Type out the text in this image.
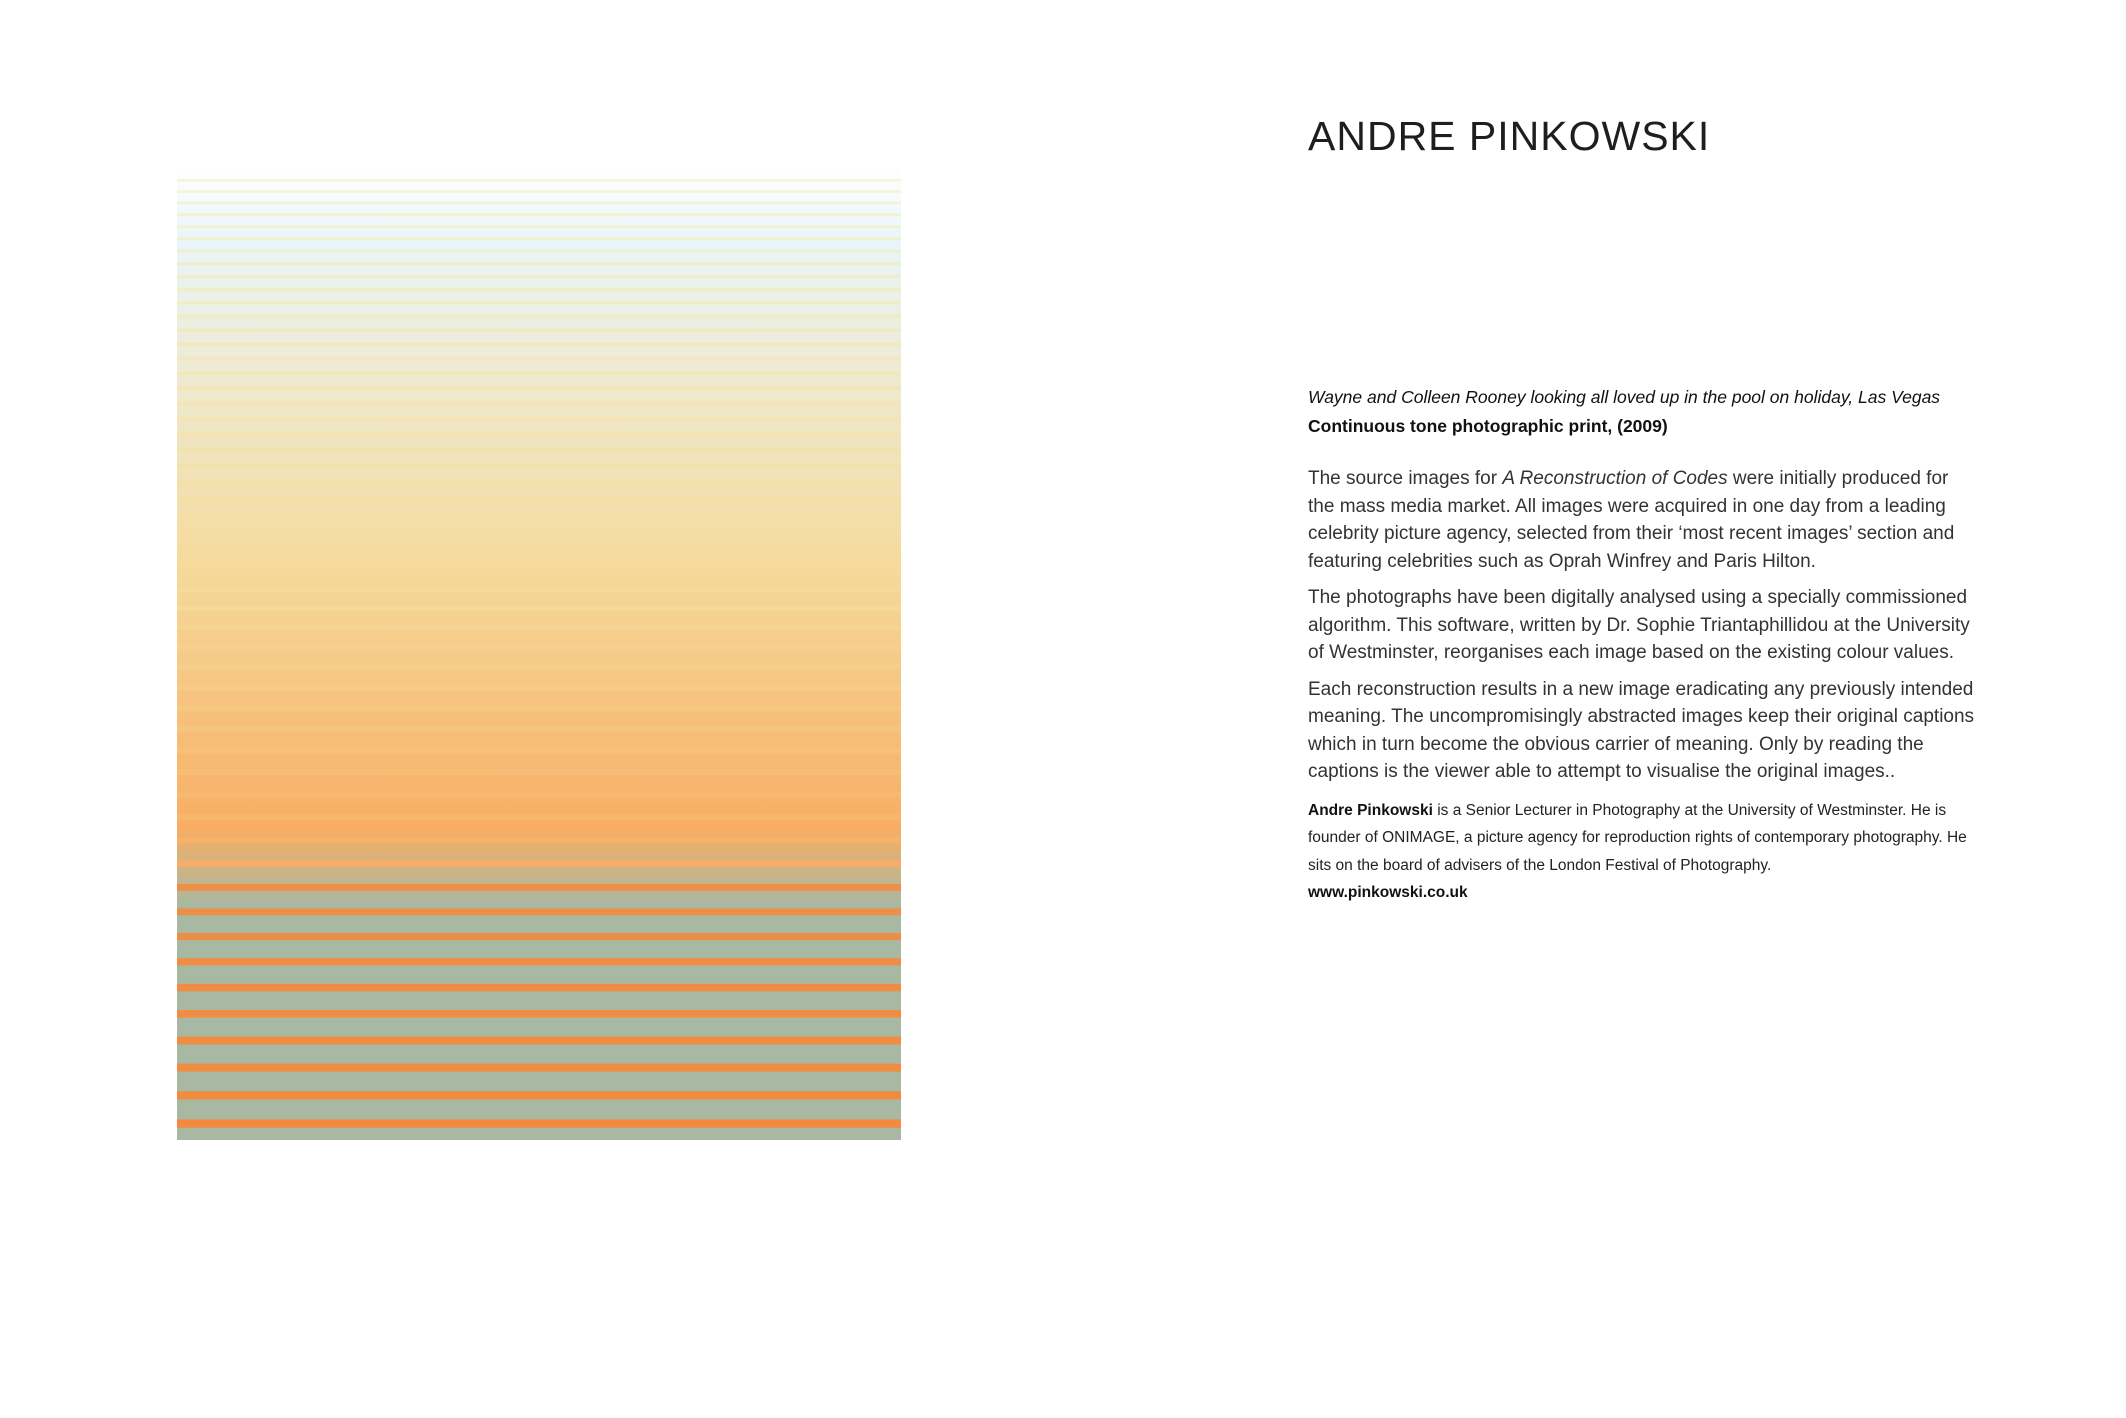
ANDRE PINKOWSKI
Wayne and Colleen Rooney looking all loved up in the pool on holiday, Las Vegas
Continuous tone photographic print, (2009)

The source images for A Reconstruction of Codes were initially produced for the mass media market. All images were acquired in one day from a leading celebrity picture agency, selected from their ‘most recent images’ section and featuring celebrities such as Oprah Winfrey and Paris Hilton.

The photographs have been digitally analysed using a specially commissioned algorithm. This software, written by Dr. Sophie Triantaphillidou at the University of Westminster, reorganises each image based on the existing colour values.

Each reconstruction results in a new image eradicating any previously intended meaning. The uncompromisingly abstracted images keep their original captions which in turn become the obvious carrier of meaning. Only by reading the captions is the viewer able to attempt to visualise the original images..

Andre Pinkowski is a Senior Lecturer in Photography at the University of Westminster. He is founder of ONIMAGE, a picture agency for reproduction rights of contemporary photography. He sits on the board of advisers of the London Festival of Photography.
www.pinkowski.co.uk
